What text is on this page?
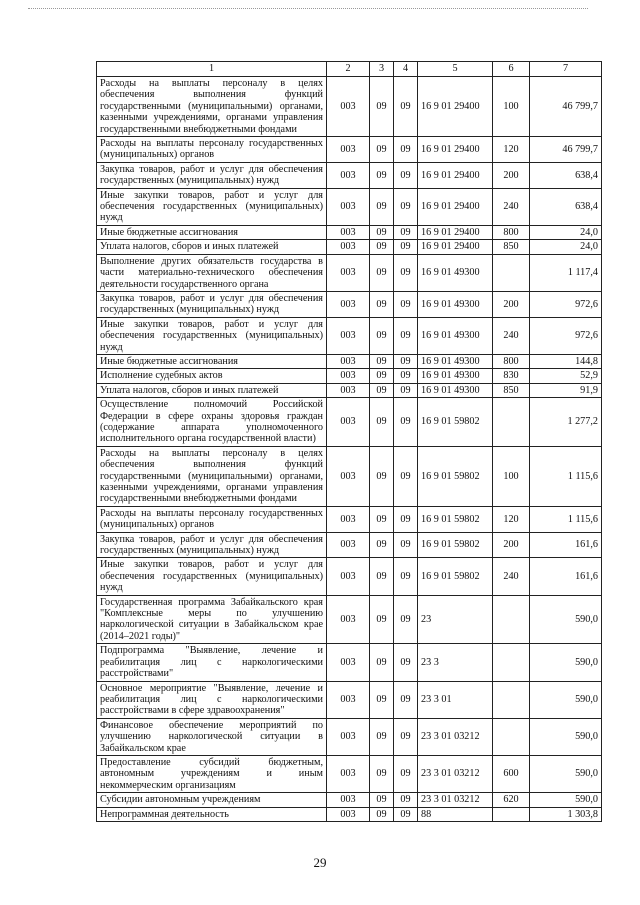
1	2	3	4	5	6	7
Расходы на выплаты персоналу в целях обеспечения выполнения функций государственными (муниципальными) органами, казенными учреждениями, органами управления государственными внебюджетными фондами	003	09	09	16 9 01 29400	100	46 799,7
Расходы на выплаты персоналу государственных (муниципальных) органов	003	09	09	16 9 01 29400	120	46 799,7
Закупка товаров, работ и услуг для обеспечения государственных (муниципальных) нужд	003	09	09	16 9 01 29400	200	638,4
Иные закупки товаров, работ и услуг для обеспечения государственных (муниципальных) нужд	003	09	09	16 9 01 29400	240	638,4
Иные бюджетные ассигнования	003	09	09	16 9 01 29400	800	24,0
Уплата налогов, сборов и иных платежей	003	09	09	16 9 01 29400	850	24,0
Выполнение других обязательств государства в части материально-технического обеспечения деятельности государственного органа	003	09	09	16 9 01 49300		1 117,4
Закупка товаров, работ и услуг для обеспечения государственных (муниципальных) нужд	003	09	09	16 9 01 49300	200	972,6
Иные закупки товаров, работ и услуг для обеспечения государственных (муниципальных) нужд	003	09	09	16 9 01 49300	240	972,6
Иные бюджетные ассигнования	003	09	09	16 9 01 49300	800	144,8
Исполнение судебных актов	003	09	09	16 9 01 49300	830	52,9
Уплата налогов, сборов и иных платежей	003	09	09	16 9 01 49300	850	91,9
Осуществление полномочий Российской Федерации в сфере охраны здоровья граждан (содержание аппарата уполномоченного исполнительного органа государственной власти)	003	09	09	16 9 01 59802		1 277,2
Расходы на выплаты персоналу в целях обеспечения выполнения функций государственными (муниципальными) органами, казенными учреждениями, органами управления государственными внебюджетными фондами	003	09	09	16 9 01 59802	100	1 115,6
Расходы на выплаты персоналу государственных (муниципальных) органов	003	09	09	16 9 01 59802	120	1 115,6
Закупка товаров, работ и услуг для обеспечения государственных (муниципальных) нужд	003	09	09	16 9 01 59802	200	161,6
Иные закупки товаров, работ и услуг для обеспечения государственных (муниципальных) нужд	003	09	09	16 9 01 59802	240	161,6
Государственная программа Забайкальского края "Комплексные меры по улучшению наркологической ситуации в Забайкальском крае (2014–2021 годы)"	003	09	09	23		590,0
Подпрограмма "Выявление, лечение и реабилитация лиц с наркологическими расстройствами"	003	09	09	23 3		590,0
Основное мероприятие "Выявление, лечение и реабилитация лиц с наркологическими расстройствами в сфере здравоохранения"	003	09	09	23 3 01		590,0
Финансовое обеспечение мероприятий по улучшению наркологической ситуации в Забайкальском крае	003	09	09	23 3 01 03212		590,0
Предоставление субсидий бюджетным, автономным учреждениям и иным некоммерческим организациям	003	09	09	23 3 01 03212	600	590,0
Субсидии автономным учреждениям	003	09	09	23 3 01 03212	620	590,0
Непрограммная деятельность	003	09	09	88		1 303,8
29
